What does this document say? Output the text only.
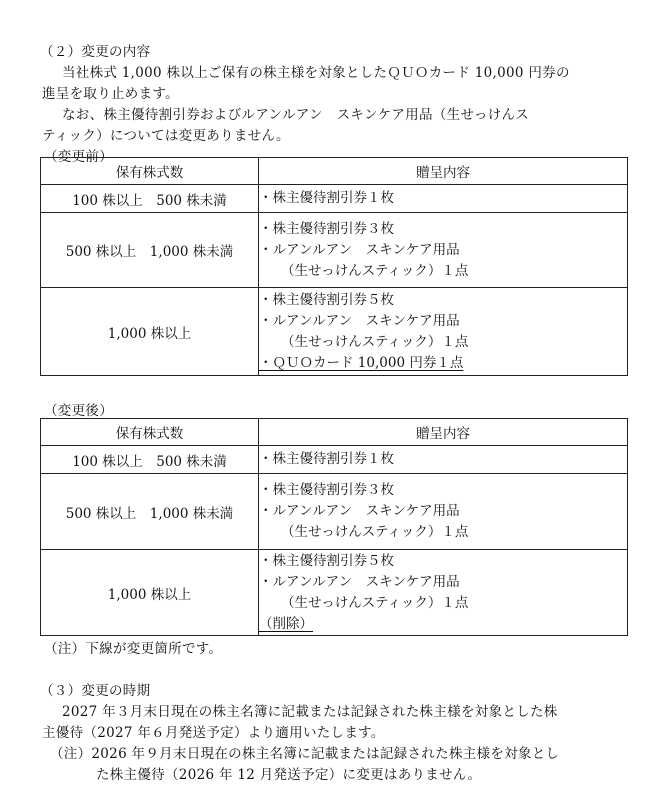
（２）変更の内容
当社株式 1,000 株以上ご保有の株主様を対象としたＱＵＯカード 10,000 円券の
進呈を取り止めます。
なお、株主優待割引券およびルアンルアン　スキンケア用品（生せっけんス
ティック）については変更ありません。
（変更前）
保有株式数	贈呈内容
100 株以上　500 株未満	・株主優待割引券１枚

500 株以上　1,000 株未満	・株主優待割引券３枚
・ルアンルアン　スキンケア用品
（生せっけんスティック）１点

1,000 株以上	・株主優待割引券５枚
・ルアンルアン　スキンケア用品
（生せっけんスティック）１点
・ＱＵＯカード 10,000 円券１点
（変更後）
保有株式数	贈呈内容
100 株以上　500 株未満	・株主優待割引券１枚

500 株以上　1,000 株未満	・株主優待割引券３枚
・ルアンルアン　スキンケア用品
（生せっけんスティック）１点

1,000 株以上	・株主優待割引券５枚
・ルアンルアン　スキンケア用品
（生せっけんスティック）１点
（削除）
（注）下線が変更箇所です。
（３）変更の時期
2027 年３月末日現在の株主名簿に記載または記録された株主様を対象とした株
主優待（2027 年６月発送予定）より適用いたします。
（注）2026 年９月末日現在の株主名簿に記載または記録された株主様を対象とし
た株主優待（2026 年 12 月発送予定）に変更はありません。
